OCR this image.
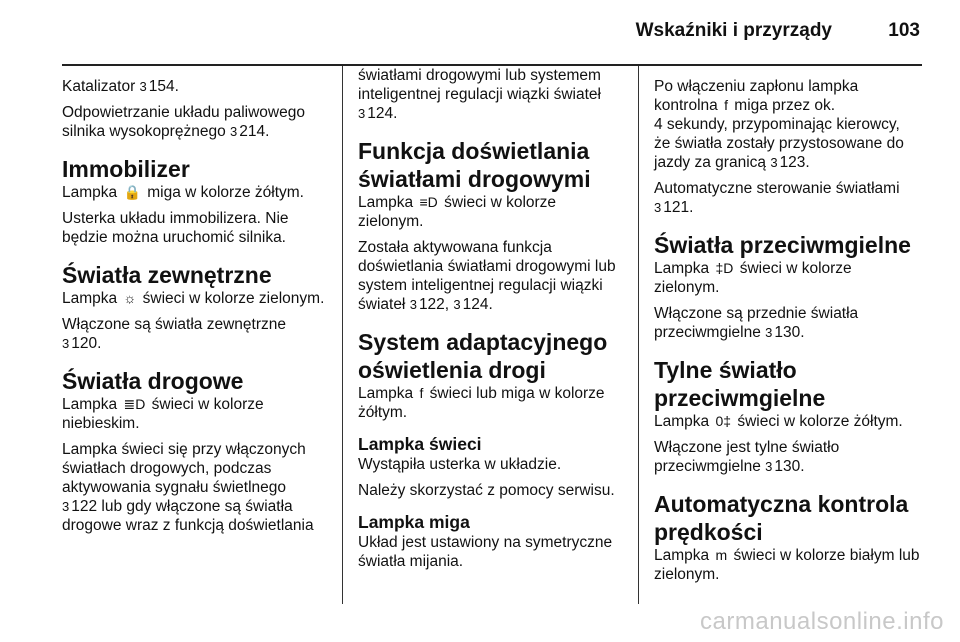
Wskaźniki i przyrządy	103

Katalizator 3 154.

Odpowietrzanie układu paliwowego silnika wysokoprężnego 3 214.

Immobilizer

Lampka 🔒 miga w kolorze żółtym.

Usterka układu immobilizera. Nie będzie można uruchomić silnika.

Światła zewnętrzne

Lampka ☼ świeci w kolorze zielonym.

Włączone są światła zewnętrzne
3 120.

Światła drogowe

Lampka ≣D świeci w kolorze niebieskim.

Lampka świeci się przy włączonych światłach drogowych, podczas aktywowania sygnału świetlnego
3 122 lub gdy włączone są światła drogowe wraz z funkcją doświetlania

światłami drogowymi lub systemem inteligentnej regulacji wiązki świateł
3 124.

Funkcja doświetlania światłami drogowymi

Lampka ≡D świeci w kolorze zielonym.

Została aktywowana funkcja doświetlania światłami drogowymi lub system inteligentnej regulacji wiązki świateł 3 122, 3 124.

System adaptacyjnego oświetlenia drogi

Lampka f świeci lub miga w kolorze żółtym.

Lampka świeci

Wystąpiła usterka w układzie.

Należy skorzystać z pomocy serwisu.

Lampka miga

Układ jest ustawiony na symetryczne światła mijania.

Po włączeniu zapłonu lampka kontrolna f miga przez ok.

4 sekundy, przypominając kierowcy, że światła zostały przystosowane do jazdy za granicą 3 123.

Automatyczne sterowanie światłami
3 121.

Światła przeciwmgielne

Lampka ‡D świeci w kolorze zielonym.

Włączone są przednie światła przeciwmgielne 3 130.

Tylne światło przeciwmgielne

Lampka 0‡ świeci w kolorze żółtym.

Włączone jest tylne światło przeciwmgielne 3 130.

Automatyczna kontrola prędkości

Lampka m świeci w kolorze białym lub zielonym.

carmanualsonline.info
